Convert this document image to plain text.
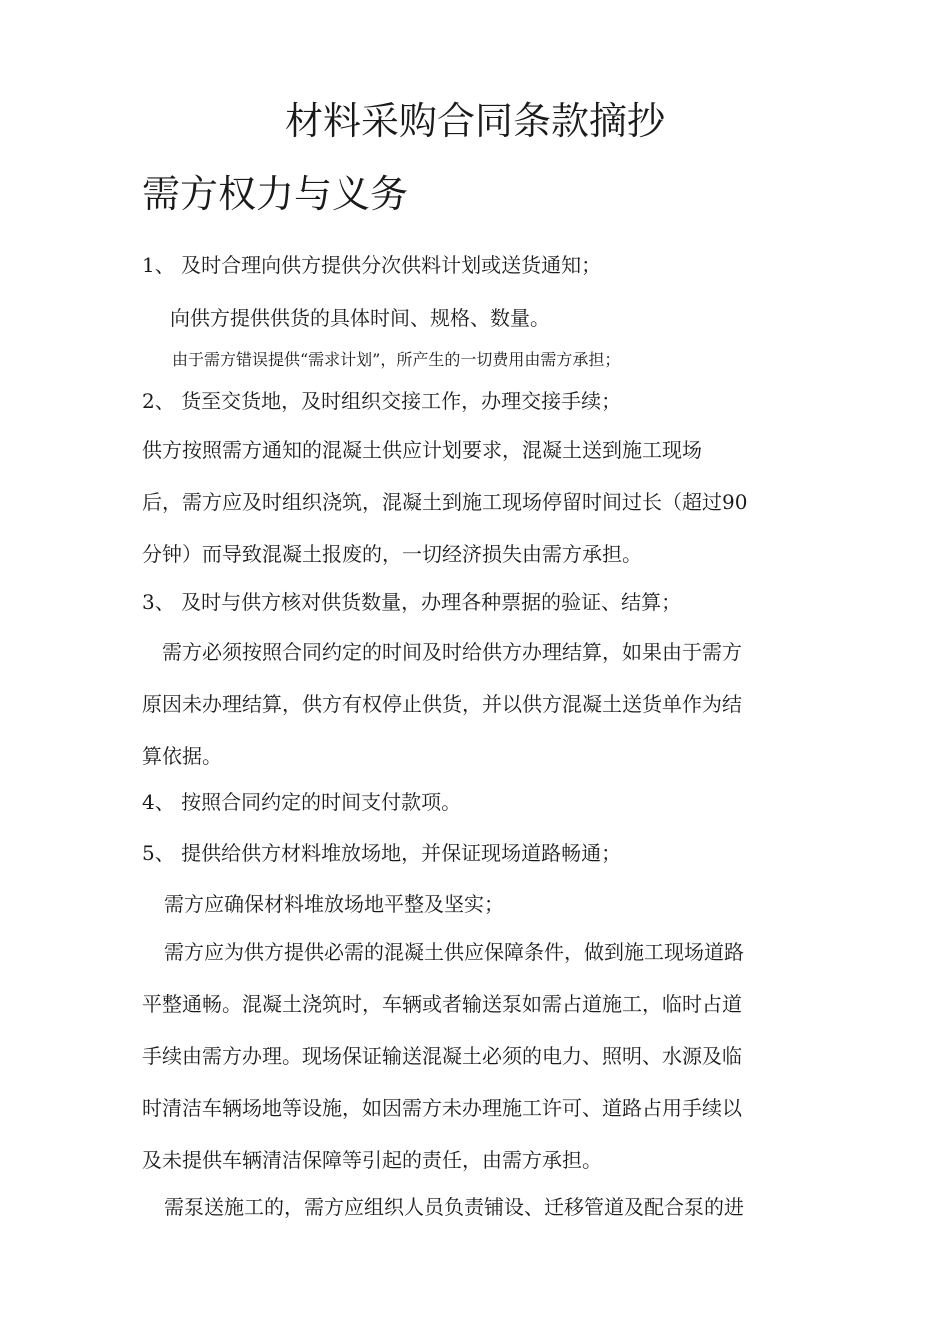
材料采购合同条款摘抄
需方权力与义务
1、 及时合理向供方提供分次供料计划或送货通知；
向供方提供供货的具体时间、规格、数量。
由于需方错误提供“需求计划”，所产生的一切费用由需方承担；
2、 货至交货地，及时组织交接工作，办理交接手续；
供方按照需方通知的混凝土供应计划要求，混凝土送到施工现场
后，需方应及时组织浇筑，混凝土到施工现场停留时间过长（超过90
分钟）而导致混凝土报废的，一切经济损失由需方承担。
3、 及时与供方核对供货数量，办理各种票据的验证、结算；
需方必须按照合同约定的时间及时给供方办理结算，如果由于需方
原因未办理结算，供方有权停止供货，并以供方混凝土送货单作为结
算依据。
4、 按照合同约定的时间支付款项。
5、 提供给供方材料堆放场地，并保证现场道路畅通；
需方应确保材料堆放场地平整及坚实；
需方应为供方提供必需的混凝土供应保障条件，做到施工现场道路
平整通畅。混凝土浇筑时，车辆或者输送泵如需占道施工，临时占道
手续由需方办理。现场保证输送混凝土必须的电力、照明、水源及临
时清洁车辆场地等设施，如因需方未办理施工许可、道路占用手续以
及未提供车辆清洁保障等引起的责任，由需方承担。
需泵送施工的，需方应组织人员负责铺设、迁移管道及配合泵的进
